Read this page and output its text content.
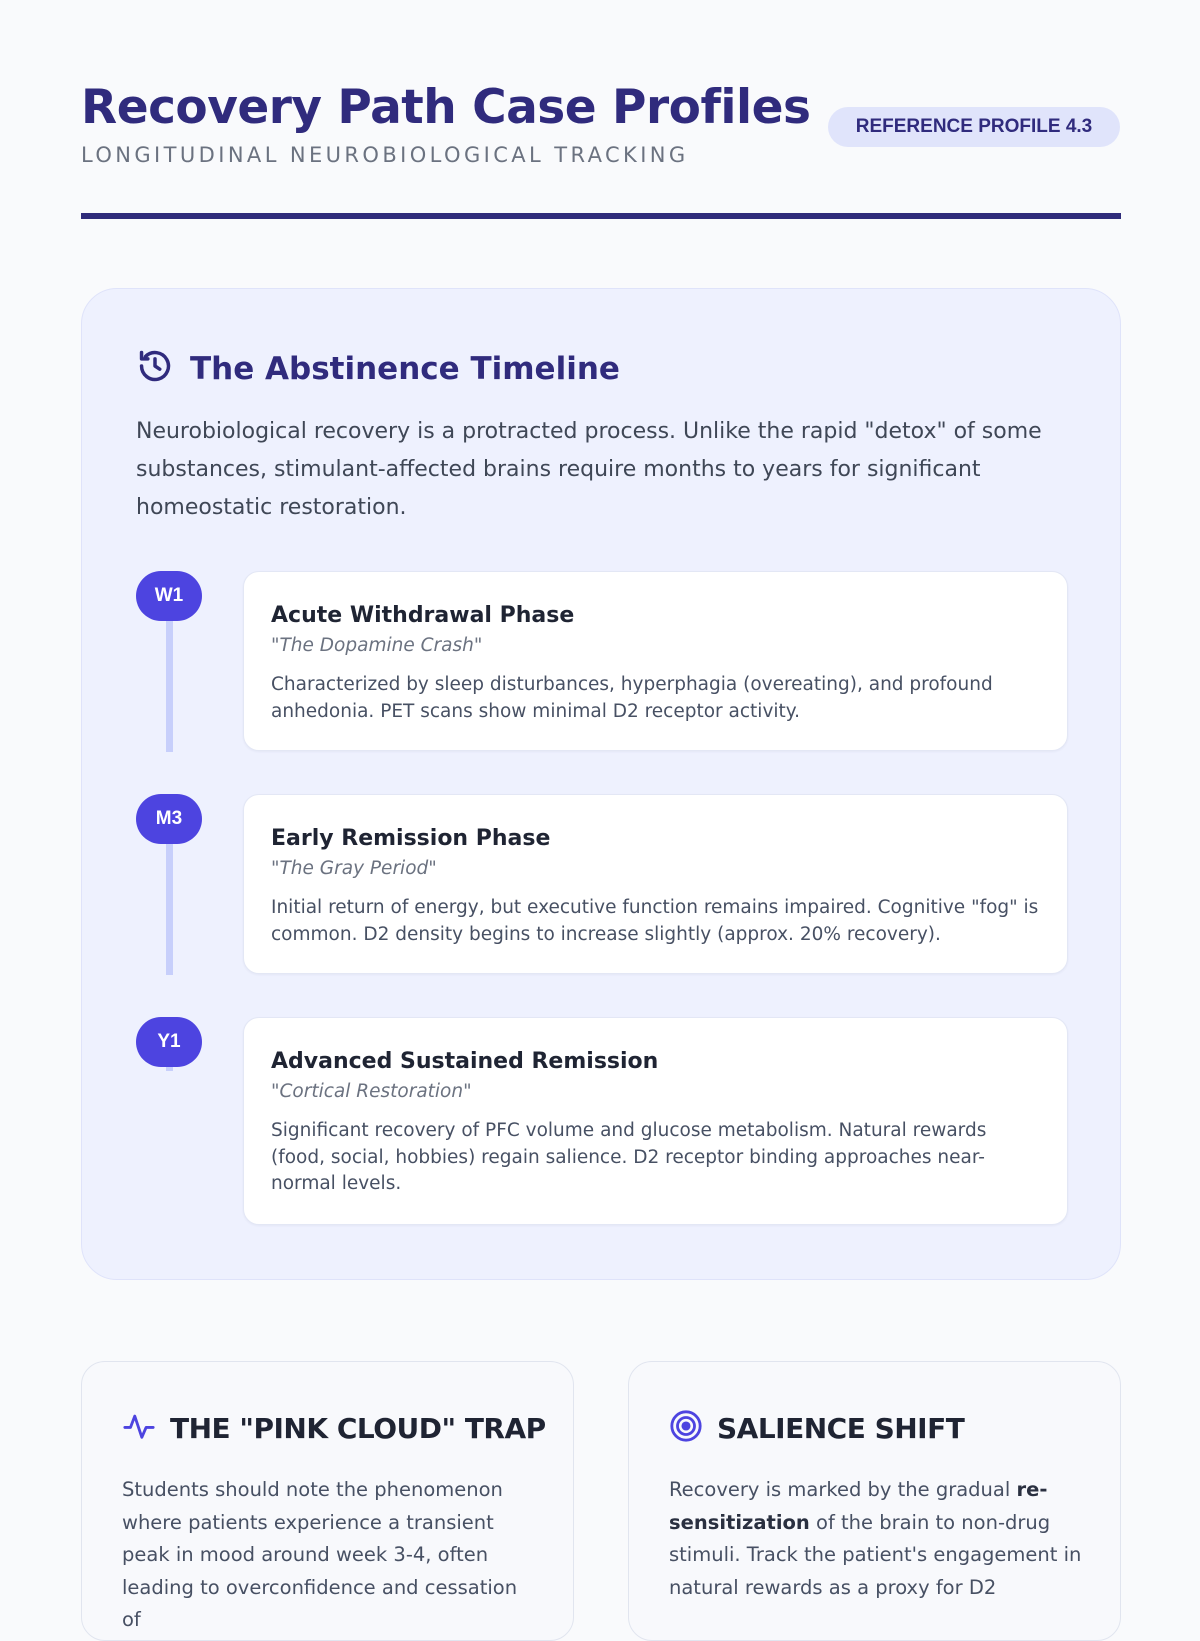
Recovery Path Case Profiles
LONGITUDINAL NEUROBIOLOGICAL TRACKING
REFERENCE PROFILE 4.3
The Abstinence Timeline

Neurobiological recovery is a protracted process. Unlike the rapid "detox" of some substances, stimulant-affected brains require months to years for significant homeostatic restoration.

W1
Acute Withdrawal Phase
"The Dopamine Crash"
Characterized by sleep disturbances, hyperphagia (overeating), and profound anhedonia. PET scans show minimal D2 receptor activity.
M3
Early Remission Phase
"The Gray Period"
Initial return of energy, but executive function remains impaired. Cognitive "fog" is common. D2 density begins to increase slightly (approx. 20% recovery).
Y1
Advanced Sustained Remission
"Cortical Restoration"
Significant recovery of PFC volume and glucose metabolism. Natural rewards (food, social, hobbies) regain salience. D2 receptor binding approaches near-normal levels.
THE "PINK CLOUD" TRAP

Students should note the phenomenon where patients experience a transient peak in mood around week 3-4, often leading to overconfidence and cessation of

SALIENCE SHIFT

Recovery is marked by the gradual re-sensitization of the brain to non-drug stimuli. Track the patient's engagement in natural rewards as a proxy for D2
